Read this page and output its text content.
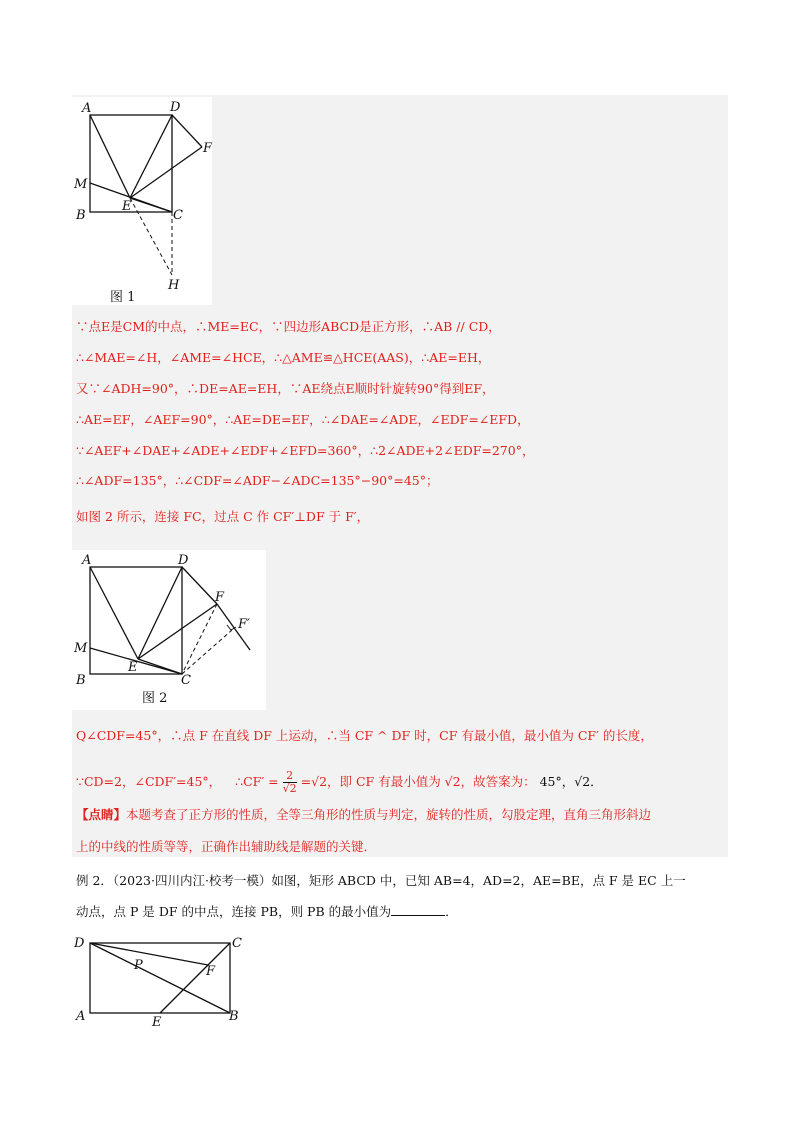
A	D
F
M
E
C
B
H
图 1
∵点E是CM的中点，∴ME=EC，∵四边形ABCD是正方形，∴AB // CD，
∴∠MAE=∠H，∠AME=∠HCE，∴△AME≌△HCE(AAS)，∴AE=EH，
又∵∠ADH=90°，∴DE=AE=EH，∵AE绕点E顺时针旋转90°得到EF，
∴AE=EF，∠AEF=90°，∴AE=DE=EF，∴∠DAE=∠ADE，∠EDF=∠EFD，
∵∠AEF+∠DAE+∠ADE+∠EDF+∠EFD=360°，∴2∠ADE+2∠EDF=270°，
∴∠ADF=135°，∴∠CDF=∠ADF−∠ADC=135°−90°=45°；
如图 2 所示，连接 FC，过点 C 作 CF′⊥DF 于 F′，
A	D
F
F′
M
E
C
B
图 2
Q∠CDF=45°，∴点 F 在直线 DF 上运动，∴当 CF ^ DF 时，CF 有最小值，最小值为 CF′ 的长度，
∵CD=2，∠CDF′=45°， ∴CF′ = $\frac{2}{√2} =√2$，即 CF 有最小值为 √2，故答案为： 45°，√2．
【点睛】本题考查了正方形的性质，全等三角形的性质与判定，旋转的性质，勾股定理，直角三角形斜边
上的中线的性质等等，正确作出辅助线是解题的关键．
例 2．（2023·四川内江·校考一模）如图，矩形 ABCD 中，已知 AB=4，AD=2，AE=BE，点 F 是 EC 上一
动点，点 P 是 DF 的中点，连接 PB，则 PB 的最小值为	．
D	C
P	F
A	E	B
